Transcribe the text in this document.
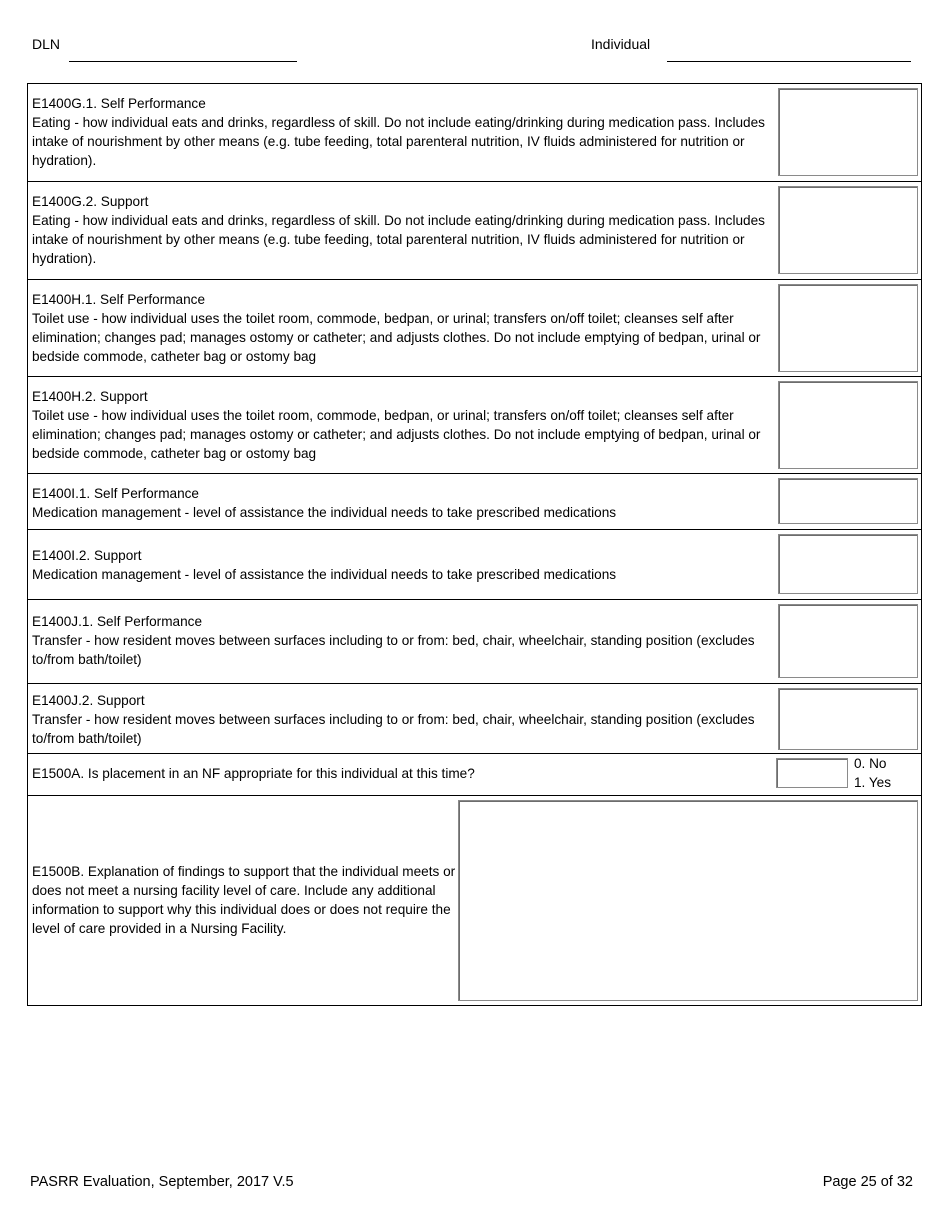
DLN	Individual
E1400G.1. Self Performance
Eating - how individual eats and drinks, regardless of skill. Do not include eating/drinking during medication pass. Includes intake of nourishment by other means (e.g. tube feeding, total parenteral nutrition, IV fluids administered for nutrition or hydration).
E1400G.2. Support
Eating - how individual eats and drinks, regardless of skill. Do not include eating/drinking during medication pass. Includes intake of nourishment by other means (e.g. tube feeding, total parenteral nutrition, IV fluids administered for nutrition or hydration).
E1400H.1. Self Performance
Toilet use - how individual uses the toilet room, commode, bedpan, or urinal; transfers on/off toilet; cleanses self after elimination; changes pad; manages ostomy or catheter; and adjusts clothes. Do not include emptying of bedpan, urinal or bedside commode, catheter bag or ostomy bag
E1400H.2. Support
Toilet use - how individual uses the toilet room, commode, bedpan, or urinal; transfers on/off toilet; cleanses self after elimination; changes pad; manages ostomy or catheter; and adjusts clothes. Do not include emptying of bedpan, urinal or bedside commode, catheter bag or ostomy bag
E1400I.1. Self Performance
Medication management - level of assistance the individual needs to take prescribed medications
E1400I.2. Support
Medication management - level of assistance the individual needs to take prescribed medications
E1400J.1. Self Performance
Transfer - how resident moves between surfaces including to or from: bed, chair, wheelchair, standing position (excludes to/from bath/toilet)
E1400J.2. Support
Transfer - how resident moves between surfaces including to or from: bed, chair, wheelchair, standing position (excludes to/from bath/toilet)
E1500A. Is placement in an NF appropriate for this individual at this time?
0. No
1. Yes
E1500B. Explanation of findings to support that the individual meets or does not meet a nursing facility level of care. Include any additional information to support why this individual does or does not require the level of care provided in a Nursing Facility.
PASRR Evaluation, September, 2017 V.5	Page 25 of 32
